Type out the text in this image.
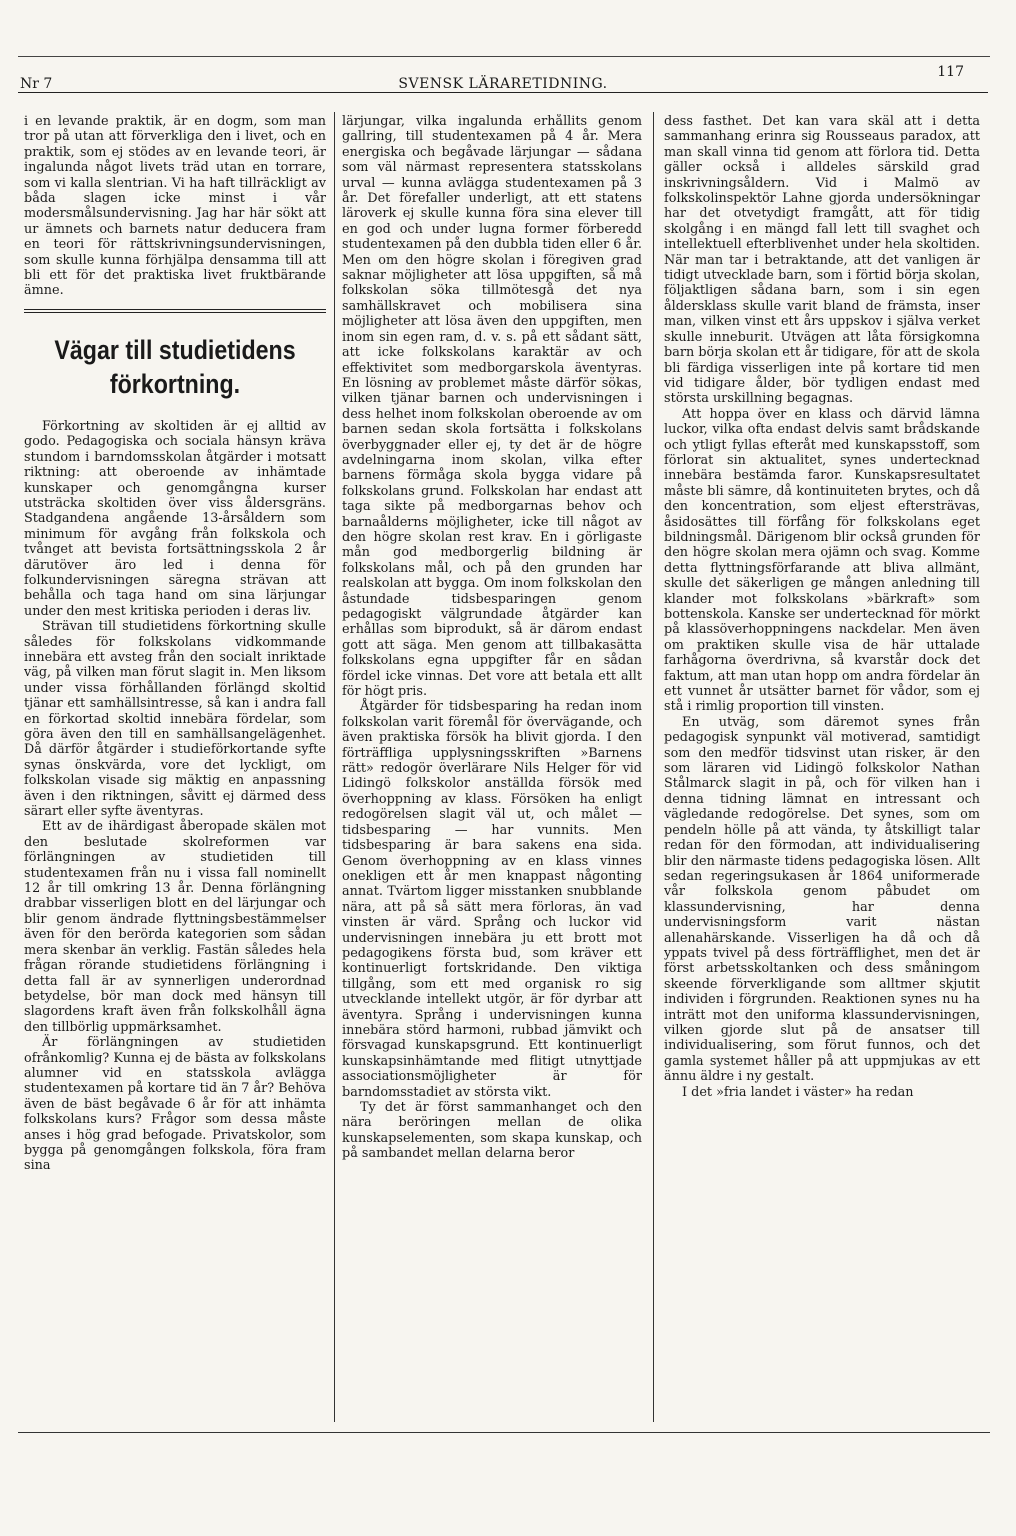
Nr 7	SVENSK LÄRARETIDNING.
117

i en levande praktik, är en dogm, som man tror på utan att förverkliga den i livet, och en praktik, som ej stödes av en levande teori, är ingalunda något livets träd utan en torrare, som vi kalla slentrian. Vi ha haft tillräckligt av båda slagen icke minst i vår modersmålsundervisning. Jag har här sökt att ur ämnets och barnets natur deducera fram en teori för rättskrivningsundervisningen, som skulle kunna förhjälpa densamma till att bli ett för det praktiska livet fruktbärande ämne.

Vägar till studietidens
förkortning.

Förkortning av skoltiden är ej alltid av godo. Pedagogiska och sociala hänsyn kräva stundom i barndomsskolan åtgärder i motsatt riktning: att oberoende av inhämtade kunskaper och genomgångna kurser utsträcka skoltiden över viss åldersgräns. Stadgandena angående 13-årsåldern som minimum för avgång från folkskola och tvånget att bevista fortsättningsskola 2 år därutöver äro led i denna för folkundervisningen säregna strävan att behålla och taga hand om sina lärjungar under den mest kritiska perioden i deras liv.

Strävan till studietidens förkortning skulle således för folkskolans vidkommande innebära ett avsteg från den socialt inriktade väg, på vilken man förut slagit in. Men liksom under vissa förhållanden förlängd skoltid tjänar ett samhällsintresse, så kan i andra fall en förkortad skoltid innebära fördelar, som göra även den till en samhällsangelägenhet. Då därför åtgärder i studieförkortande syfte synas önskvärda, vore det lyckligt, om folkskolan visade sig mäktig en anpassning även i den riktningen, såvitt ej därmed dess särart eller syfte äventyras.

Ett av de ihärdigast åberopade skälen mot den beslutade skolreformen var förlängningen av studietiden till studentexamen från nu i vissa fall nominellt 12 år till omkring 13 år. Denna förlängning drabbar visserligen blott en del lärjungar och blir genom ändrade flyttningsbestämmelser även för den berörda kategorien som sådan mera skenbar än verklig. Fastän således hela frågan rörande studietidens förlängning i detta fall är av synnerligen underordnad betydelse, bör man dock med hänsyn till slagordens kraft även från folkskolhåll ägna den tillbörlig uppmärksamhet.

Är förlängningen av studietiden ofrånkomlig? Kunna ej de bästa av folkskolans alumner vid en statsskola avlägga studentexamen på kortare tid än 7 år? Behöva även de bäst begåvade 6 år för att inhämta folkskolans kurs? Frågor som dessa måste anses i hög grad befogade. Privatskolor, som bygga på genomgången folkskola, föra fram sina

lärjungar, vilka ingalunda erhållits genom gallring, till studentexamen på 4 år. Mera energiska och begåvade lärjungar — sådana som väl närmast representera statsskolans urval — kunna avlägga studentexamen på 3 år. Det förefaller underligt, att ett statens läroverk ej skulle kunna föra sina elever till en god och under lugna former förberedd studentexamen på den dubbla tiden eller 6 år. Men om den högre skolan i föregiven grad saknar möjligheter att lösa uppgiften, så må folkskolan söka tillmötesgå det nya samhällskravet och mobilisera sina möjligheter att lösa även den uppgiften, men inom sin egen ram, d. v. s. på ett sådant sätt, att icke folkskolans karaktär av och effektivitet som medborgarskola äventyras. En lösning av problemet måste därför sökas, vilken tjänar barnen och undervisningen i dess helhet inom folkskolan oberoende av om barnen sedan skola fortsätta i folkskolans överbyggnader eller ej, ty det är de högre avdelningarna inom skolan, vilka efter barnens förmåga skola bygga vidare på folkskolans grund. Folkskolan har endast att taga sikte på medborgarnas behov och barnaålderns möjligheter, icke till något av den högre skolan rest krav. En i görligaste mån god medborgerlig bildning är folkskolans mål, och på den grunden har realskolan att bygga. Om inom folkskolan den åstundade tidsbesparingen genom pedagogiskt välgrundade åtgärder kan erhållas som biprodukt, så är därom endast gott att säga. Men genom att tillbakasätta folkskolans egna uppgifter får en sådan fördel icke vinnas. Det vore att betala ett allt för högt pris.

Åtgärder för tidsbesparing ha redan inom folkskolan varit föremål för övervägande, och även praktiska försök ha blivit gjorda. I den förträffliga upplysningsskriften »Barnens rätt» redogör överlärare Nils Helger för vid Lidingö folkskolor anställda försök med överhoppning av klass. Försöken ha enligt redogörelsen slagit väl ut, och målet — tidsbesparing — har vunnits. Men tidsbesparing är bara sakens ena sida. Genom överhoppning av en klass vinnes onekligen ett år men knappast någonting annat. Tvärtom ligger misstanken snubblande nära, att på så sätt mera förloras, än vad vinsten är värd. Språng och luckor vid undervisningen innebära ju ett brott mot pedagogikens första bud, som kräver ett kontinuerligt fortskridande. Den viktiga tillgång, som ett med organisk ro sig utvecklande intellekt utgör, är för dyrbar att äventyra. Språng i undervisningen kunna innebära störd harmoni, rubbad jämvikt och försvagad kunskapsgrund. Ett kontinuerligt kunskapsinhämtande med flitigt utnyttjade associationsmöjligheter är för barndomsstadiet av största vikt.

Ty det är först sammanhanget och den nära beröringen mellan de olika kunskapselementen, som skapa kunskap, och på sambandet mellan delarna beror

dess fasthet. Det kan vara skäl att i detta sammanhang erinra sig Rousseaus paradox, att man skall vinna tid genom att förlora tid. Detta gäller också i alldeles särskild grad inskrivningsåldern. Vid i Malmö av folkskolinspektör Lahne gjorda undersökningar har det otvetydigt framgått, att för tidig skolgång i en mängd fall lett till svaghet och intellektuell efterblivenhet under hela skoltiden. När man tar i betraktande, att det vanligen är tidigt utvecklade barn, som i förtid börja skolan, följaktligen sådana barn, som i sin egen åldersklass skulle varit bland de främsta, inser man, vilken vinst ett års uppskov i själva verket skulle inneburit. Utvägen att låta försigkomna barn börja skolan ett år tidigare, för att de skola bli färdiga visserligen inte på kortare tid men vid tidigare ålder, bör tydligen endast med största urskillning begagnas.

Att hoppa över en klass och därvid lämna luckor, vilka ofta endast delvis samt brådskande och ytligt fyllas efteråt med kunskapsstoff, som förlorat sin aktualitet, synes undertecknad innebära bestämda faror. Kunskapsresultatet måste bli sämre, då kontinuiteten brytes, och då den koncentration, som eljest eftersträvas, åsidosättes till förfång för folkskolans eget bildningsmål. Därigenom blir också grunden för den högre skolan mera ojämn och svag. Komme detta flyttningsförfarande att bliva allmänt, skulle det säkerligen ge mången anledning till klander mot folkskolans »bärkraft» som bottenskola. Kanske ser undertecknad för mörkt på klassöverhoppningens nackdelar. Men även om praktiken skulle visa de här uttalade farhågorna överdrivna, så kvarstår dock det faktum, att man utan hopp om andra fördelar än ett vunnet år utsätter barnet för vådor, som ej stå i rimlig proportion till vinsten.

En utväg, som däremot synes från pedagogisk synpunkt väl motiverad, samtidigt som den medför tidsvinst utan risker, är den som läraren vid Lidingö folkskolor Nathan Stålmarck slagit in på, och för vilken han i denna tidning lämnat en intressant och vägledande redogörelse. Det synes, som om pendeln hölle på att vända, ty åtskilligt talar redan för den förmodan, att individualisering blir den närmaste tidens pedagogiska lösen. Allt sedan regeringsukasen år 1864 uniformerade vår folkskola genom påbudet om klassundervisning, har denna undervisningsform varit nästan allenahärskande. Visserligen ha då och då yppats tvivel på dess förträfflighet, men det är först arbetsskoltanken och dess småningom skeende förverkligande som alltmer skjutit individen i förgrunden. Reaktionen synes nu ha inträtt mot den uniforma klassundervisningen, vilken gjorde slut på de ansatser till individualisering, som förut funnos, och det gamla systemet håller på att uppmjukas av ett ännu äldre i ny gestalt.

I det »fria landet i väster» ha redan
